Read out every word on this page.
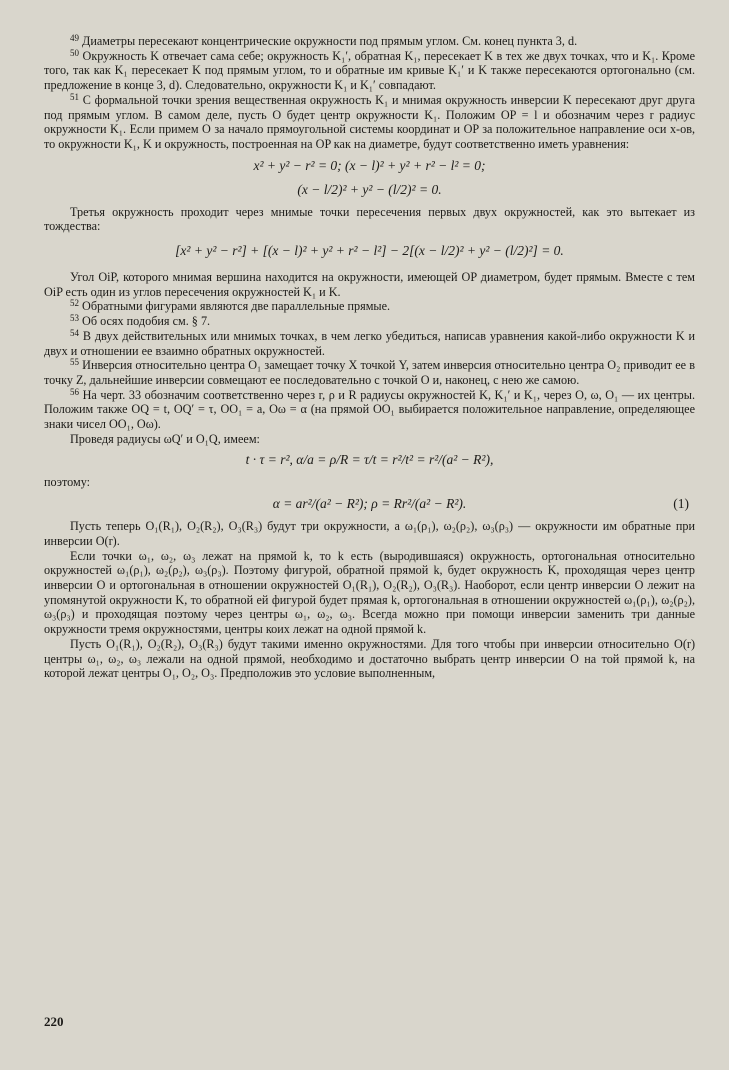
$^{49}$ Диаметры пересекают концентрические окружности под прямым углом. См. конец пункта 3, d.

$^{50}$ Окружность K отвечает сама себе; окружность K₁′, обратная K₁, пересекает K в тех же двух точках, что и K₁. Кроме того, так как K₁ пересекает K под прямым углом, то и обратные им кривые K₁′ и K также пересекаются ортогонально (см. предложение в конце 3, d). Следовательно, окружности K₁ и K₁′ совпадают.

$^{51}$ С формальной точки зрения вещественная окружность K₁ и мнимая окружность инверсии K пересекают друг друга под прямым углом. В самом деле, пусть O будет центр окружности K₁. Положим OP = l и обозначим через r радиус окружности K₁. Если примем O за начало прямоугольной системы координат и OP за положительное направление оси x-ов, то окружности K₁, K и окружность, построенная на OP как на диаметре, будут соответственно иметь уравнения:

x² + y² − r² = 0; (x − l)² + y² + r² − l² = 0;
(x − l/2)² + y² − (l/2)² = 0.

Третья окружность проходит через мнимые точки пересечения первых двух окружностей, как это вытекает из тождества:

[x² + y² − r²] + [(x − l)² + y² + r² − l²] − 2[(x − l/2)² + y² − (l/2)²] = 0.

Угол OiP, которого мнимая вершина находится на окружности, имеющей OP диаметром, будет прямым. Вместе с тем OiP есть один из углов пересечения окружностей K₁ и K.

$^{52}$ Обратными фигурами являются две параллельные прямые.

$^{53}$ Об осях подобия см. § 7.

$^{54}$ В двух действительных или мнимых точках, в чем легко убедиться, написав уравнения какой-либо окружности K и двух и отношении ее взаимно обратных окружностей.

$^{55}$ Инверсия относительно центра O₁ замещает точку X точкой Y, затем инверсия относительно центра O₂ приводит ее в точку Z, дальнейшие инверсии совмещают ее последовательно с точкой O и, наконец, с нею же самою.

$^{56}$ На черт. 33 обозначим соответственно через r, ρ и R радиусы окружностей K, K₁′ и K₁, через O, ω, O₁ — их центры. Положим также OQ = t, OQ′ = τ, OO₁ = a, Oω = α (на прямой OO₁ выбирается положительное направление, определяющее знаки чисел OO₁, Oω).

Проведя радиусы ωQ′ и O₁Q, имеем:

t · τ = r², α/a = ρ/R = τ/t = r²/t² = r²/(a² − R²),

поэтому:

α = ar²/(a² − R²); ρ = Rr²/(a² − R²).	(1)

Пусть теперь O₁(R₁), O₂(R₂), O₃(R₃) будут три окружности, а ω₁(ρ₁), ω₂(ρ₂), ω₃(ρ₃) — окружности им обратные при инверсии O(r).

Если точки ω₁, ω₂, ω₃ лежат на прямой k, то k есть (выродившаяся) окружность, ортогональная относительно окружностей ω₁(ρ₁), ω₂(ρ₂), ω₃(ρ₃). Поэтому фигурой, обратной прямой k, будет окружность K, проходящая через центр инверсии O и ортогональная в отношении окружностей O₁(R₁), O₂(R₂), O₃(R₃). Наоборот, если центр инверсии O лежит на упомянутой окружности K, то обратной ей фигурой будет прямая k, ортогональная в отношении окружностей ω₁(ρ₁), ω₂(ρ₂), ω₃(ρ₃) и проходящая поэтому через центры ω₁, ω₂, ω₃. Всегда можно при помощи инверсии заменить три данные окружности тремя окружностями, центры коих лежат на одной прямой k.

Пусть O₁(R₁), O₂(R₂), O₃(R₃) будут такими именно окружностями. Для того чтобы при инверсии относительно O(r) центры ω₁, ω₂, ω₃ лежали на одной прямой, необходимо и достаточно выбрать центр инверсии O на той прямой k, на которой лежат центры O₁, O₂, O₃. Предположив это условие выполненным,

220
